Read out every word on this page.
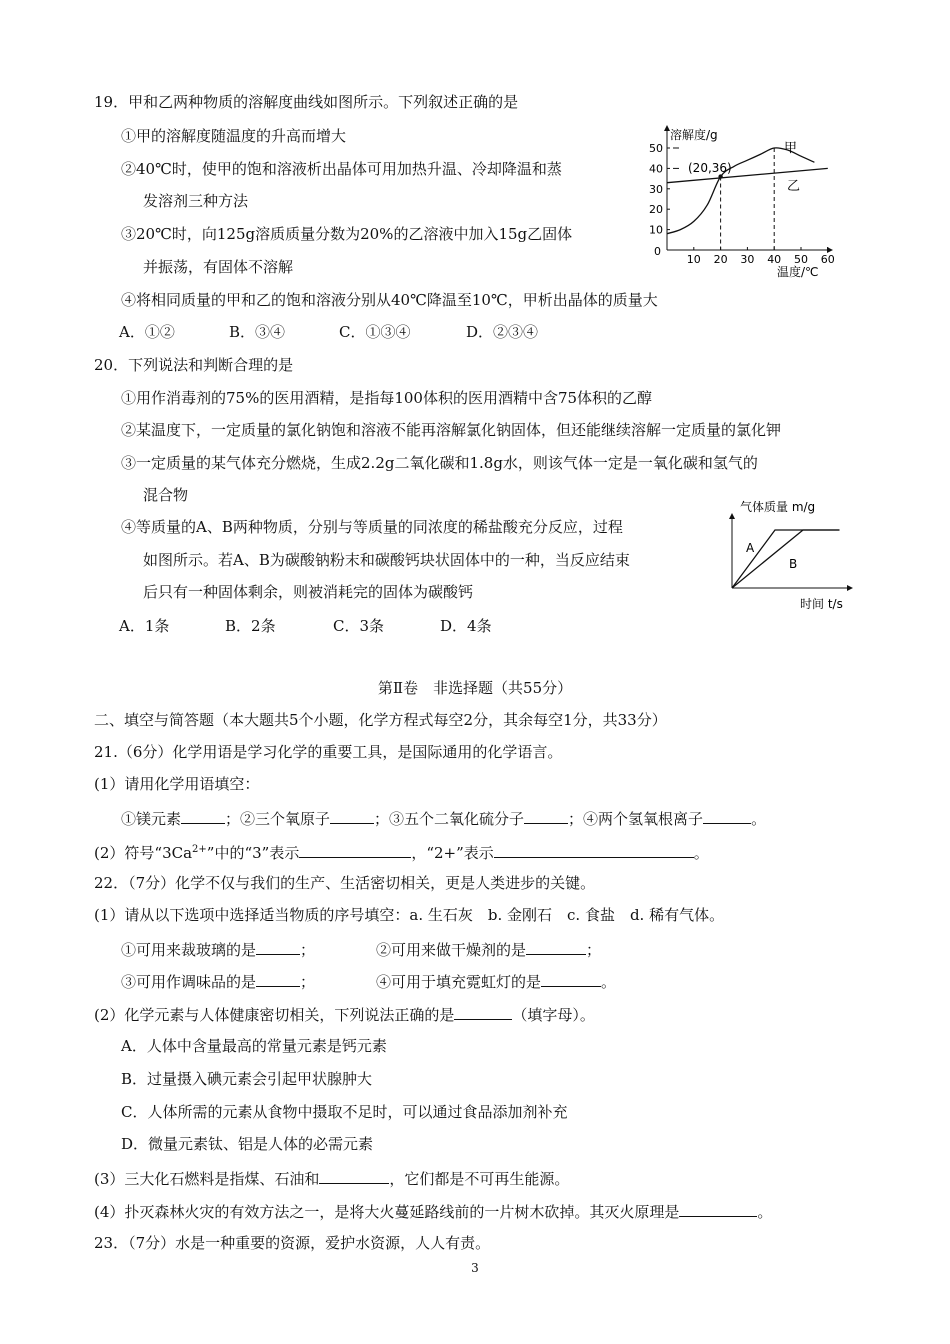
19．甲和乙两种物质的溶解度曲线如图所示。下列叙述正确的是
①甲的溶解度随温度的升高而增大
②40℃时，使甲的饱和溶液析出晶体可用加热升温、冷却降温和蒸
发溶剂三种方法
③20℃时，向125g溶质质量分数为20%的乙溶液中加入15g乙固体
并振荡，有固体不溶解
④将相同质量的甲和乙的饱和溶液分别从40℃降温至10℃，甲析出晶体的质量大
A．①②	B．③④	C．①③④	D．②③④
溶解度/g
温度/℃
0
10 20 30 40 50 60
10
20
30
40
50
(20,36)
甲
乙
20．下列说法和判断合理的是
①用作消毒剂的75%的医用酒精，是指每100体积的医用酒精中含75体积的乙醇
②某温度下，一定质量的氯化钠饱和溶液不能再溶解氯化钠固体，但还能继续溶解一定质量的氯化钾
③一定质量的某气体充分燃烧，生成2.2g二氧化碳和1.8g水，则该气体一定是一氧化碳和氢气的
混合物
④等质量的A、B两种物质，分别与等质量的同浓度的稀盐酸充分反应，过程
如图所示。若A、B为碳酸钠粉末和碳酸钙块状固体中的一种，当反应结束
后只有一种固体剩余，则被消耗完的固体为碳酸钙
A．1条	B．2条	C．3条	D．4条
气体质量 m/g
A
B
时间 t/s
第Ⅱ卷　非选择题（共55分）
二、填空与简答题（本大题共5个小题，化学方程式每空2分，其余每空1分，共33分）
21.（6分）化学用语是学习化学的重要工具，是国际通用的化学语言。
(1）请用化学用语填空：
①镁元素	；②三个氧原子	；③五个二氧化硫分子	；④两个氢氧根离子	。
(2）符号“$3Ca^{2+}$”中的“3”表示	，“2+”表示	。
22．（7分）化学不仅与我们的生产、生活密切相关，更是人类进步的关键。
(1）请从以下选项中选择适当物质的序号填空：a. 生石灰　b. 金刚石　c. 食盐　d. 稀有气体。
①可用来裁玻璃的是	；	②可用来做干燥剂的是	；
③可用作调味品的是	；	④可用于填充霓虹灯的是	。
(2）化学元素与人体健康密切相关，下列说法正确的是	（填字母）。
A．人体中含量最高的常量元素是钙元素
B．过量摄入碘元素会引起甲状腺肿大
C．人体所需的元素从食物中摄取不足时，可以通过食品添加剂补充
D．微量元素钛、铝是人体的必需元素
(3）三大化石燃料是指煤、石油和	，它们都是不可再生能源。
(4）扑灭森林火灾的有效方法之一，是将大火蔓延路线前的一片树木砍掉。其灭火原理是	。
23．（7分）水是一种重要的资源，爱护水资源，人人有责。
3
